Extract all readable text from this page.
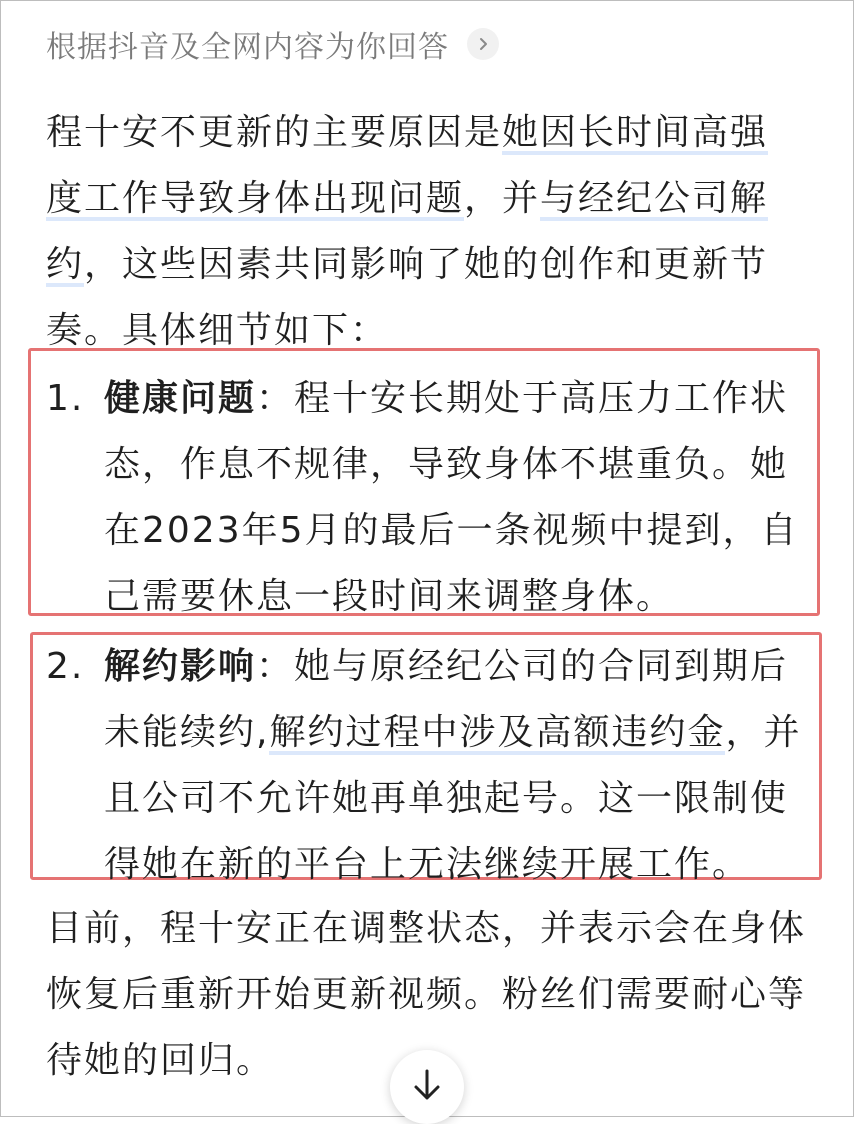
根据抖音及全网内容为你回答
程十安不更新的主要原因是她因长时间高强度工作导致身体出现问题，并与经纪公司解约，这些因素共同影响了她的创作和更新节奏。具体细节如下：
1. 健康问题：程十安长期处于高压力工作状态，作息不规律，导致身体不堪重负。她在2023年5月的最后一条视频中提到，自己需要休息一段时间来调整身体。
2. 解约影响：她与原经纪公司的合同到期后未能续约,解约过程中涉及高额违约金，并且公司不允许她再单独起号。这一限制使得她在新的平台上无法继续开展工作。
目前，程十安正在调整状态，并表示会在身体恢复后重新开始更新视频。粉丝们需要耐心等待她的回归。
